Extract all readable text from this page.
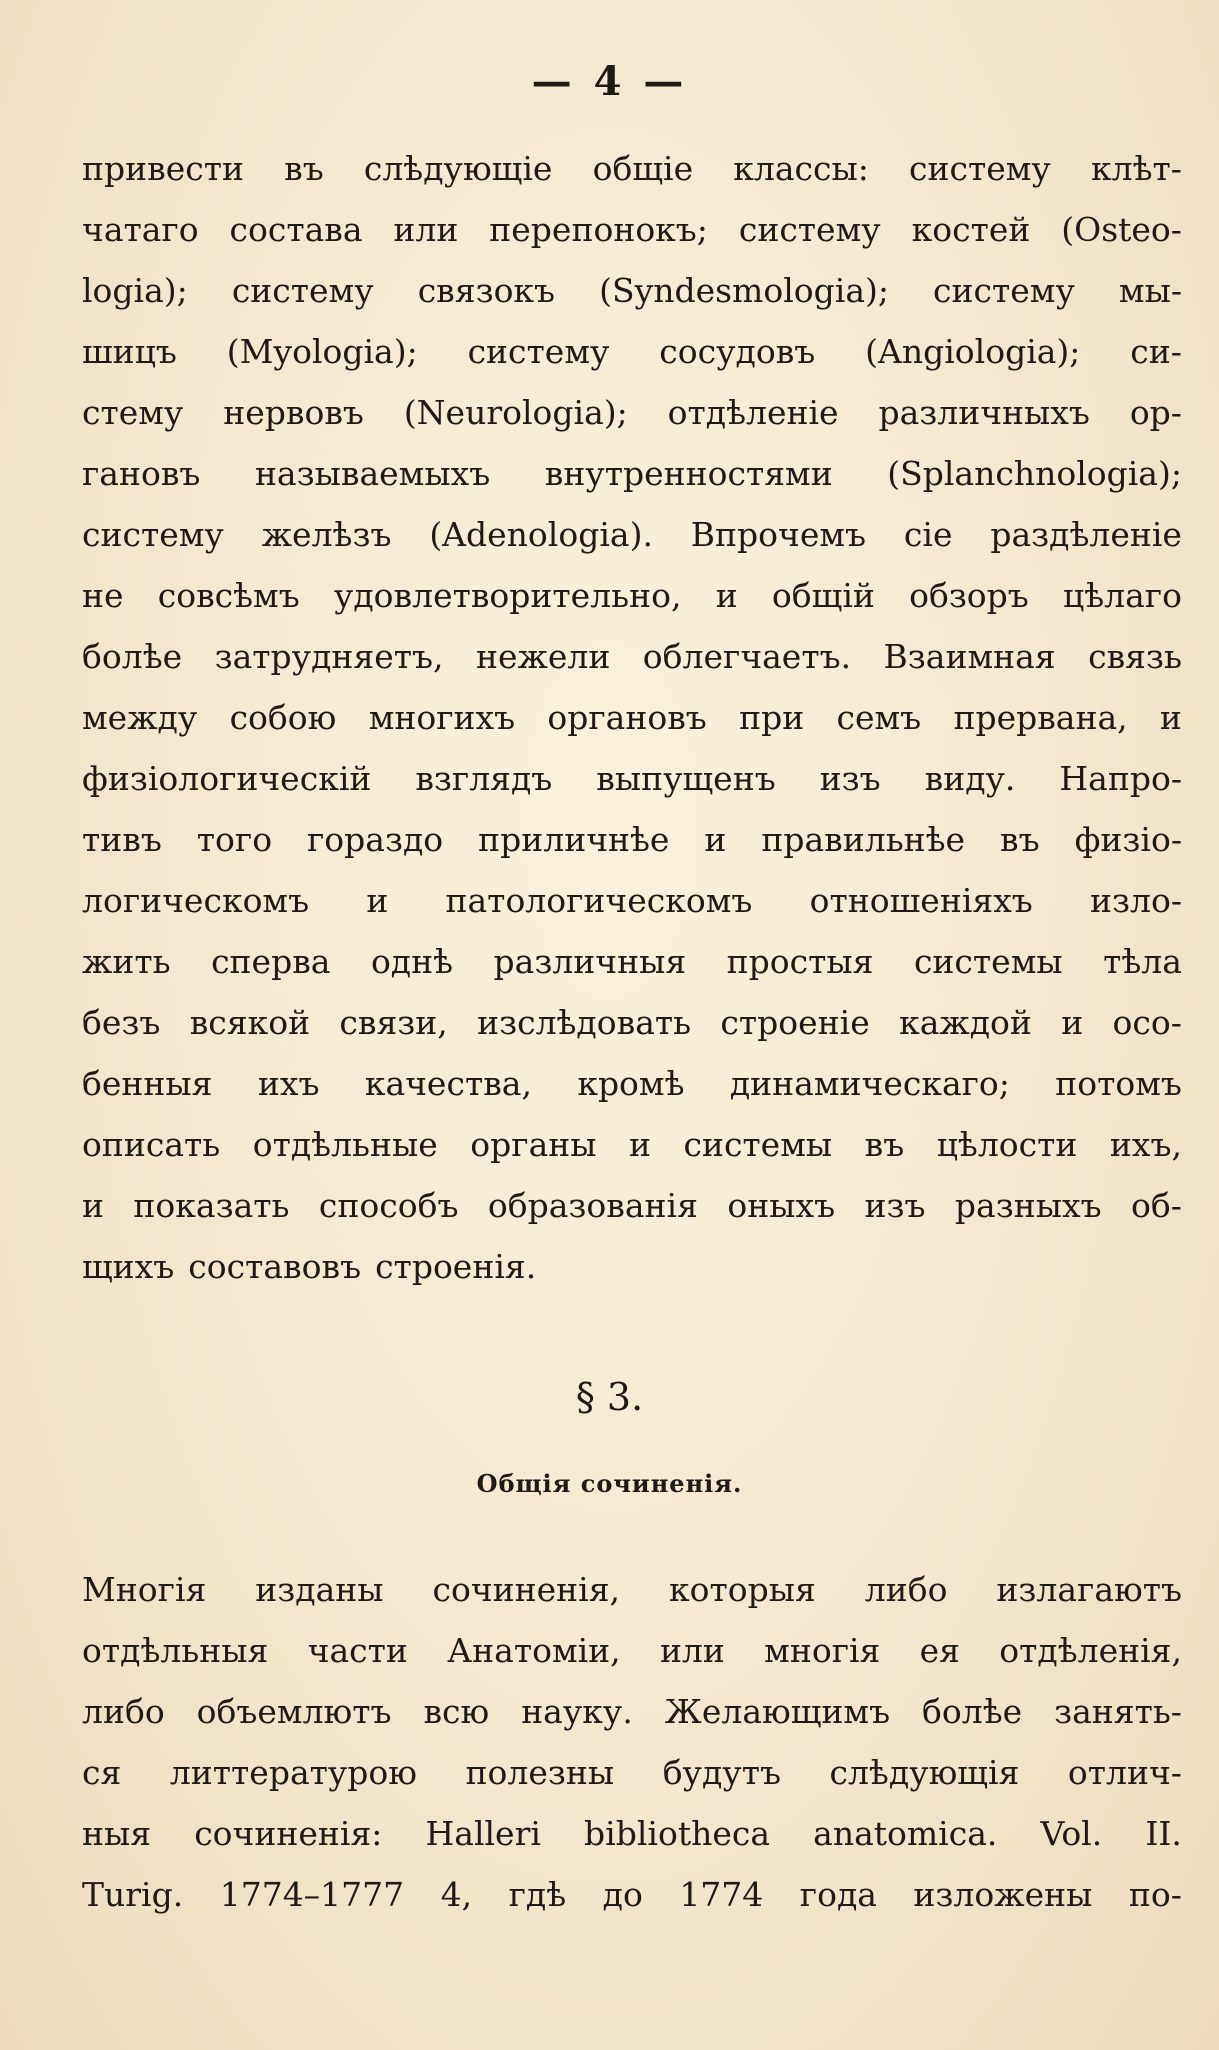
— 4 —
привести въ слѣдующіе общіе классы: систему клѣт-
чатаго состава или перепонокъ; систему костей (Osteo-
logia); систему связокъ (Syndesmologia); систему мы-
шицъ (Myologia); систему сосудовъ (Angiologia); си-
стему нервовъ (Neurologia); отдѣленіе различныхъ ор-
гановъ называемыхъ внутренностями (Splanchnologia);
систему желѣзъ (Adenologia). Впрочемъ сіе раздѣленіе
не совсѣмъ удовлетворительно, и общій обзоръ цѣлаго
болѣе затрудняетъ, нежели облегчаетъ. Взаимная связь
между собою многихъ органовъ при семъ прервана, и
физіологическій взглядъ выпущенъ изъ виду. Напро-
тивъ того гораздо приличнѣе и правильнѣе въ физіо-
логическомъ и патологическомъ отношеніяхъ изло-
жить сперва однѣ различныя простыя системы тѣла
безъ всякой связи, изслѣдовать строеніе каждой и осо-
бенныя ихъ качества, кромѣ динамическаго; потомъ
описать отдѣльные органы и системы въ цѣлости ихъ,
и показать способъ образованія оныхъ изъ разныхъ об-
щихъ составовъ строенія.
§ 3.
Общія сочиненія.
Многія изданы сочиненія, которыя либо излагаютъ
отдѣльныя части Анатоміи, или многія ея отдѣленія,
либо объемлютъ всю науку. Желающимъ болѣе занять-
ся литтературою полезны будутъ слѣдующія отлич-
ныя сочиненія: Halleri bibliotheca anatomica. Vol. II.
Turig. 1774–1777 4, гдѣ до 1774 года изложены по-
